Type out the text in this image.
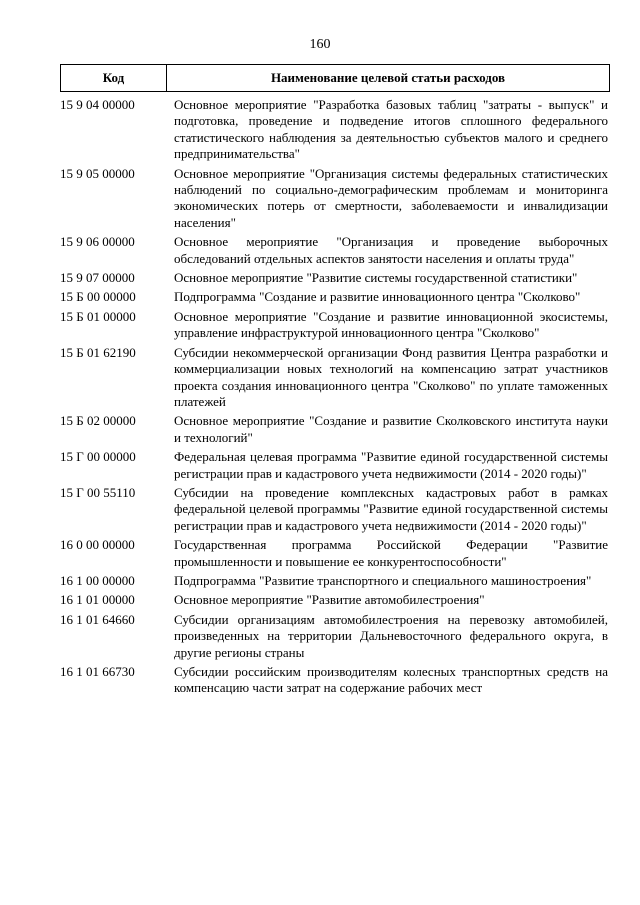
160
Код	Наименование целевой статьи расходов
15 9 04 00000	Основное мероприятие "Разработка базовых таблиц "затраты - выпуск" и подготовка, проведение и подведение итогов сплошного федерального статистического наблюдения за деятельностью субъектов малого и среднего предпринимательства"
15 9 05 00000	Основное мероприятие "Организация системы федеральных статистических наблюдений по социально-демографическим проблемам и мониторинга экономических потерь от смертности, заболеваемости и инвалидизации населения"
15 9 06 00000	Основное мероприятие "Организация и проведение выборочных обследований отдельных аспектов занятости населения и оплаты труда"
15 9 07 00000	Основное мероприятие "Развитие системы государственной статистики"
15 Б 00 00000	Подпрограмма "Создание и развитие инновационного центра "Сколково"
15 Б 01 00000	Основное мероприятие "Создание и развитие инновационной экосистемы, управление инфраструктурой инновационного центра "Сколково"
15 Б 01 62190	Субсидии некоммерческой организации Фонд развития Центра разработки и коммерциализации новых технологий на компенсацию затрат участников проекта создания инновационного центра "Сколково" по уплате таможенных платежей
15 Б 02 00000	Основное мероприятие "Создание и развитие Сколковского института науки и технологий"
15 Г 00 00000	Федеральная целевая программа "Развитие единой государственной системы регистрации прав и кадастрового учета недвижимости (2014 - 2020 годы)"
15 Г 00 55110	Субсидии на проведение комплексных кадастровых работ в рамках федеральной целевой программы "Развитие единой государственной системы регистрации прав и кадастрового учета недвижимости (2014 - 2020 годы)"
16 0 00 00000	Государственная программа Российской Федерации "Развитие промышленности и повышение ее конкурентоспособности"
16 1 00 00000	Подпрограмма "Развитие транспортного и специального машиностроения"
16 1 01 00000	Основное мероприятие "Развитие автомобилестроения"
16 1 01 64660	Субсидии организациям автомобилестроения на перевозку автомобилей, произведенных на территории Дальневосточного федерального округа, в другие регионы страны
16 1 01 66730	Субсидии российским производителям колесных транспортных средств на компенсацию части затрат на содержание рабочих мест
